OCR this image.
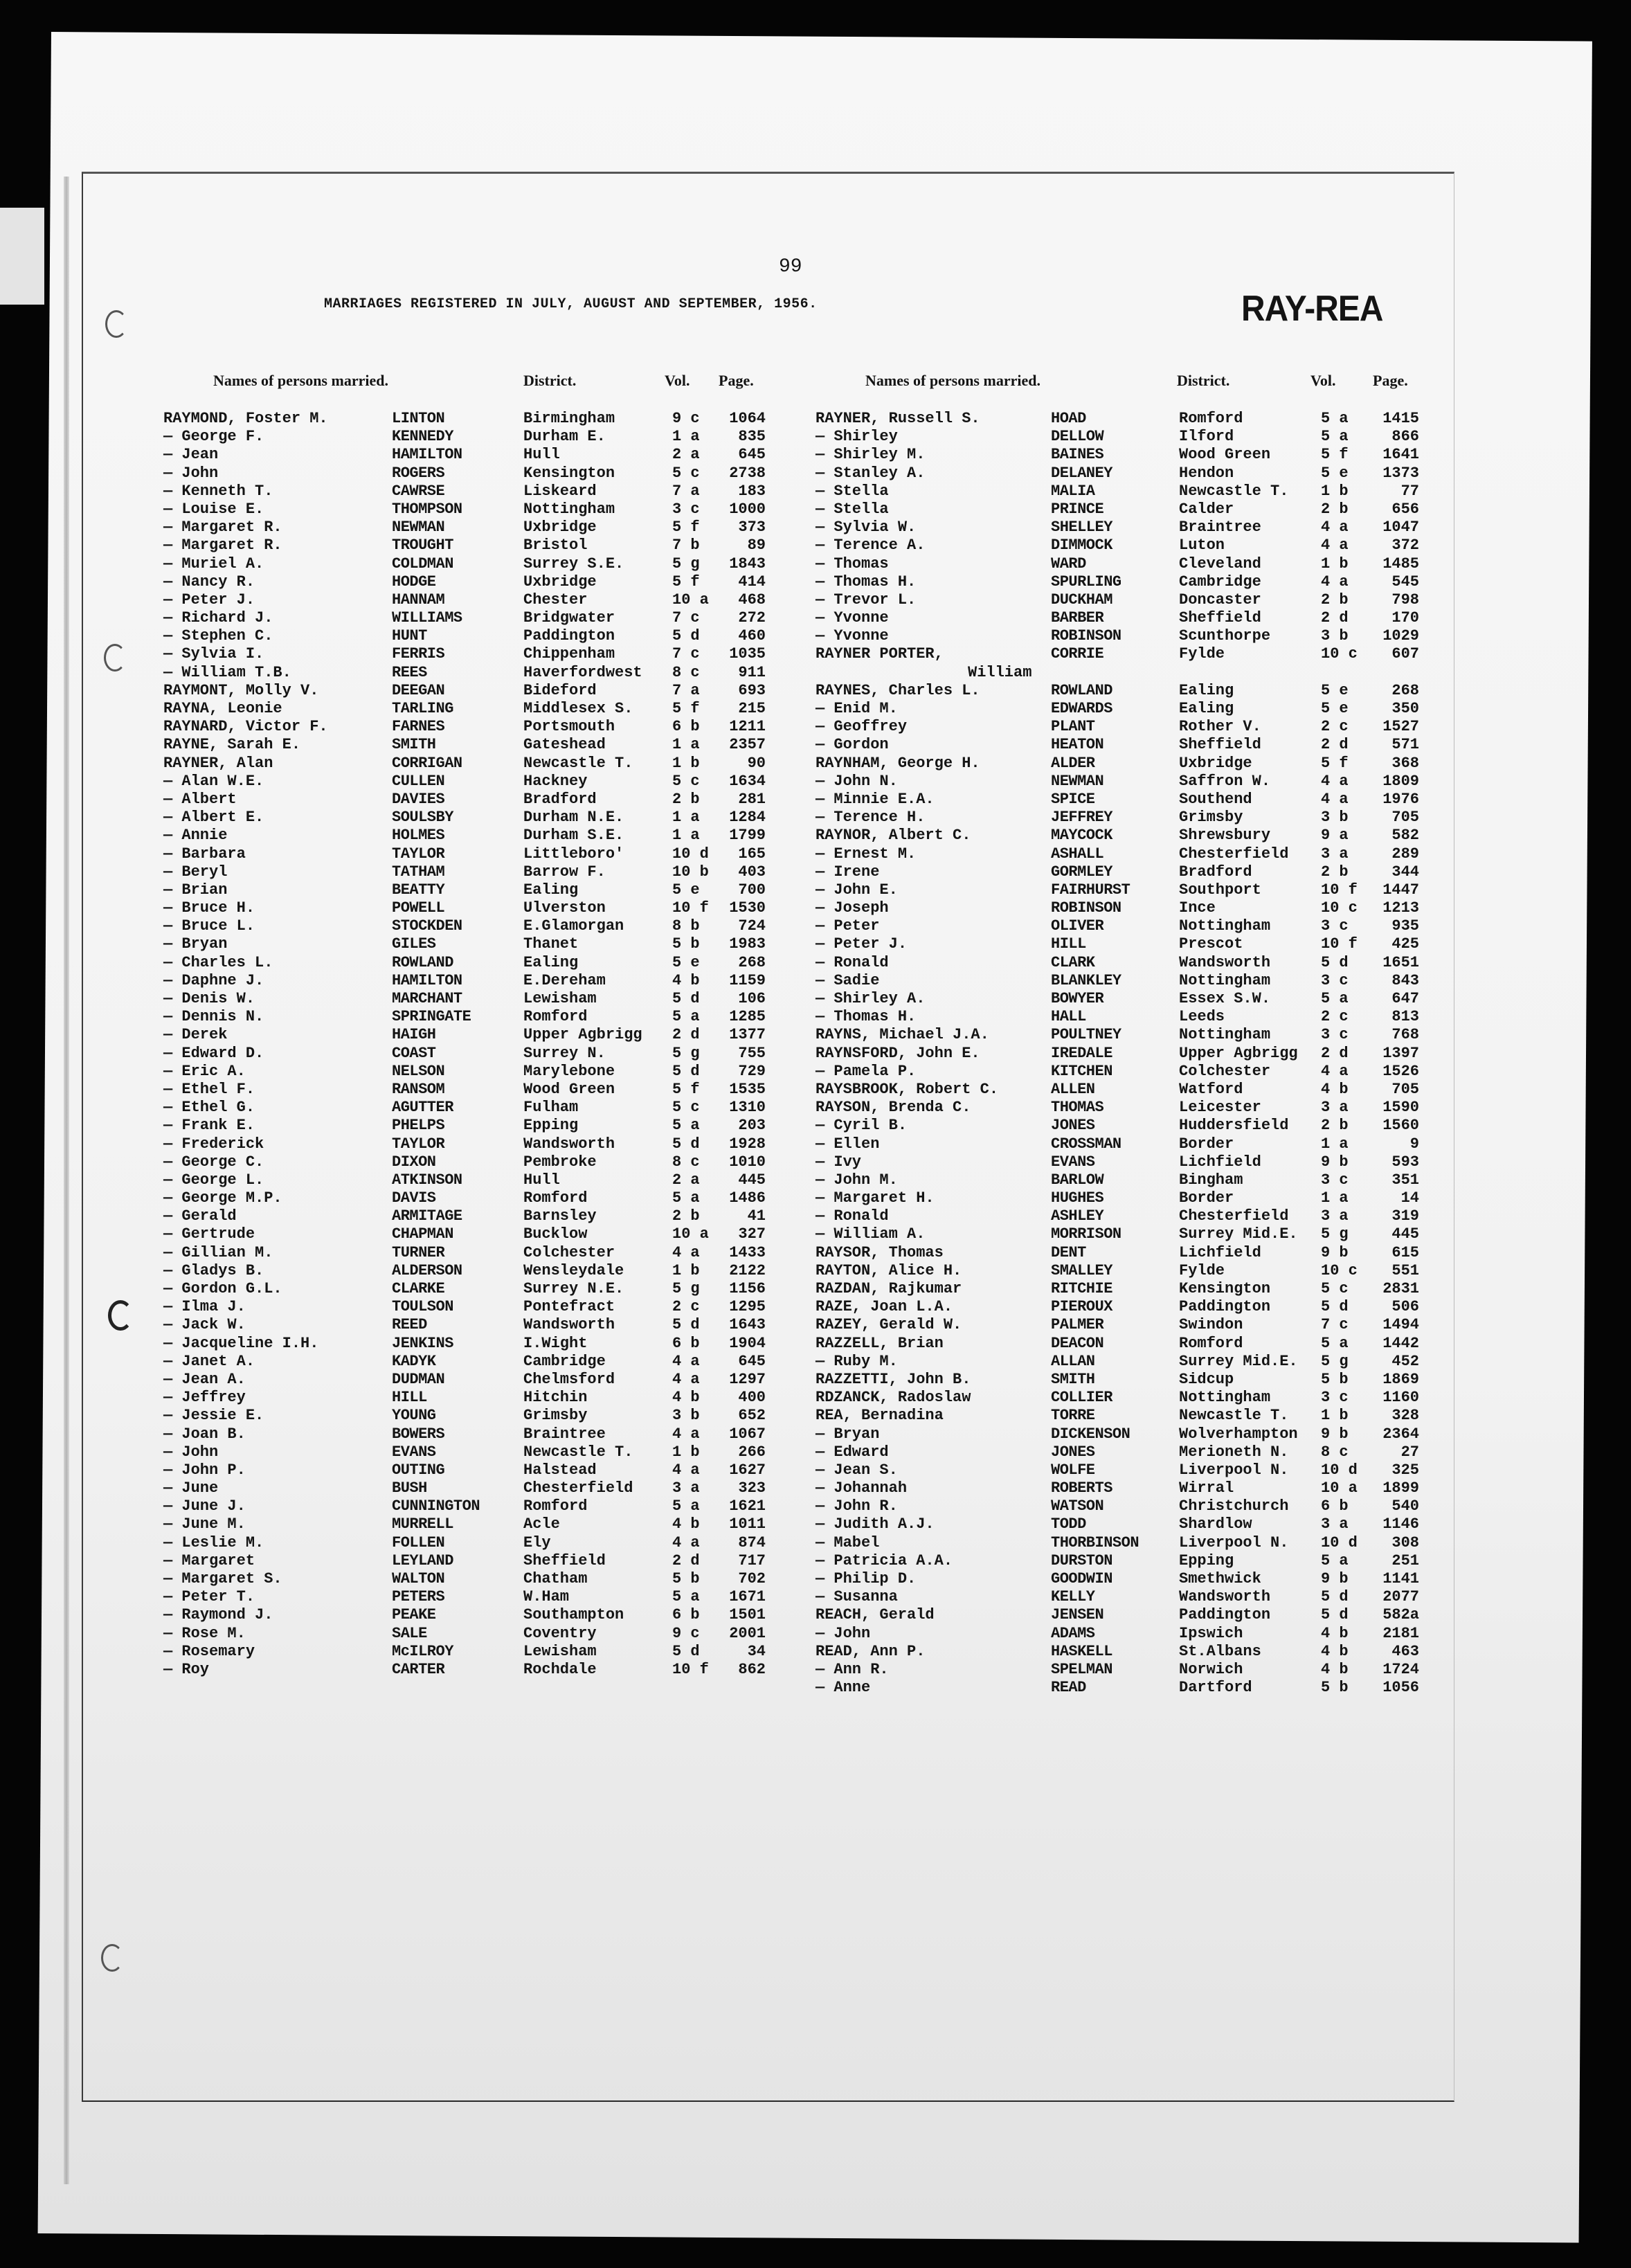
99
MARRIAGES REGISTERED IN JULY, AUGUST AND SEPTEMBER, 1956.	RAY-REA
Names of persons married.	District.	Vol. Page.	Names of persons married.	District.	Vol. Page.
RAYMOND, Foster M.	LINTON	Birmingham	9 c	1064
— George F.	KENNEDY	Durham E.	1 a	835
— Jean	HAMILTON	Hull	2 a	645
— John	ROGERS	Kensington	5 c	2738
— Kenneth T.	CAWRSE	Liskeard	7 a	183
— Louise E.	THOMPSON	Nottingham	3 c	1000
— Margaret R.	NEWMAN	Uxbridge	5 f	373
— Margaret R.	TROUGHT	Bristol	7 b	89
— Muriel A.	COLDMAN	Surrey S.E.	5 g	1843
— Nancy R.	HODGE	Uxbridge	5 f	414
— Peter J.	HANNAM	Chester	10 a	468
— Richard J.	WILLIAMS	Bridgwater	7 c	272
— Stephen C.	HUNT	Paddington	5 d	460
— Sylvia I.	FERRIS	Chippenham	7 c	1035
— William T.B.	REES	Haverfordwest 8 c	911
RAYMONT, Molly V.	DEEGAN	Bideford	7 a	693
RAYNA, Leonie	TARLING	Middlesex S.	5 f	215
RAYNARD, Victor F.	FARNES	Portsmouth	6 b	1211
RAYNE, Sarah E.	SMITH	Gateshead	1 a	2357
RAYNER, Alan	CORRIGAN	Newcastle T.	1 b	90
— Alan W.E.	CULLEN	Hackney	5 c	1634
— Albert	DAVIES	Bradford	2 b	281
— Albert E.	SOULSBY	Durham N.E.	1 a	1284
— Annie	HOLMES	Durham S.E.	1 a	1799
— Barbara	TAYLOR	Littleboro'	10 d	165
— Beryl	TATHAM	Barrow F.	10 b	403
— Brian	BEATTY	Ealing	5 e	700
— Bruce H.	POWELL	Ulverston	10 f	1530
— Bruce L.	STOCKDEN	E.Glamorgan	8 b	724
— Bryan	GILES	Thanet	5 b	1983
— Charles L.	ROWLAND	Ealing	5 e	268
— Daphne J.	HAMILTON	E.Dereham	4 b	1159
— Denis W.	MARCHANT	Lewisham	5 d	106
— Dennis N.	SPRINGATE	Romford	5 a	1285
— Derek	HAIGH	Upper Agbrigg 2 d	1377
— Edward D.	COAST	Surrey N.	5 g	755
— Eric A.	NELSON	Marylebone	5 d	729
— Ethel F.	RANSOM	Wood Green	5 f	1535
— Ethel G.	AGUTTER	Fulham	5 c	1310
— Frank E.	PHELPS	Epping	5 a	203
— Frederick	TAYLOR	Wandsworth	5 d	1928
— George C.	DIXON	Pembroke	8 c	1010
— George L.	ATKINSON	Hull	2 a	445
— George M.P.	DAVIS	Romford	5 a	1486
— Gerald	ARMITAGE	Barnsley	2 b	41
— Gertrude	CHAPMAN	Bucklow	10 a	327
— Gillian M.	TURNER	Colchester	4 a	1433
— Gladys B.	ALDERSON	Wensleydale	1 b	2122
— Gordon G.L.	CLARKE	Surrey N.E.	5 g	1156
— Ilma J.	TOULSON	Pontefract	2 c	1295
— Jack W.	REED	Wandsworth	5 d	1643
— Jacqueline I.H.	JENKINS	I.Wight	6 b	1904
— Janet A.	KADYK	Cambridge	4 a	645
— Jean A.	DUDMAN	Chelmsford	4 a	1297
— Jeffrey	HILL	Hitchin	4 b	400
— Jessie E.	YOUNG	Grimsby	3 b	652
— Joan B.	BOWERS	Braintree	4 a	1067
— John	EVANS	Newcastle T.	1 b	266
— John P.	OUTING	Halstead	4 a	1627
— June	BUSH	Chesterfield	3 a	323
— June J.	CUNNINGTON	Romford	5 a	1621
— June M.	MURRELL	Acle	4 b	1011
— Leslie M.	FOLLEN	Ely	4 a	874
— Margaret	LEYLAND	Sheffield	2 d	717
— Margaret S.	WALTON	Chatham	5 b	702
— Peter T.	PETERS	W.Ham	5 a	1671
— Raymond J.	PEAKE	Southampton	6 b	1501
— Rose M.	SALE	Coventry	9 c	2001
— Rosemary	McILROY	Lewisham	5 d	34
— Roy	CARTER	Rochdale	10 f	862
RAYNER, Russell S.	HOAD	Romford	5 a	1415
— Shirley	DELLOW	Ilford	5 a	866
— Shirley M.	BAINES	Wood Green	5 f	1641
— Stanley A.	DELANEY	Hendon	5 e	1373
— Stella	MALIA	Newcastle T. 1 b	77
— Stella	PRINCE	Calder	2 b	656
— Sylvia W.	SHELLEY	Braintree	4 a	1047
— Terence A.	DIMMOCK	Luton	4 a	372
— Thomas	WARD	Cleveland	1 b	1485
— Thomas H.	SPURLING	Cambridge	4 a	545
— Trevor L.	DUCKHAM	Doncaster	2 b	798
— Yvonne	BARBER	Sheffield	2 d	170
— Yvonne	ROBINSON	Scunthorpe	3 b	1029
RAYNER PORTER,	CORRIE	Fylde	10 c	607
William
RAYNES, Charles L.	ROWLAND	Ealing	5 e	268
— Enid M.	EDWARDS	Ealing	5 e	350
— Geoffrey	PLANT	Rother V.	2 c	1527
— Gordon	HEATON	Sheffield	2 d	571
RAYNHAM, George H.	ALDER	Uxbridge	5 f	368
— John N.	NEWMAN	Saffron W.	4 a	1809
— Minnie E.A.	SPICE	Southend	4 a	1976
— Terence H.	JEFFREY	Grimsby	3 b	705
RAYNOR, Albert C.	MAYCOCK	Shrewsbury	9 a	582
— Ernest M.	ASHALL	Chesterfield 3 a	289
— Irene	GORMLEY	Bradford	2 b	344
— John E.	FAIRHURST	Southport	10 f	1447
— Joseph	ROBINSON	Ince	10 c	1213
— Peter	OLIVER	Nottingham	3 c	935
— Peter J.	HILL	Prescot	10 f	425
— Ronald	CLARK	Wandsworth	5 d	1651
— Sadie	BLANKLEY	Nottingham	3 c	843
— Shirley A.	BOWYER	Essex S.W.	5 a	647
— Thomas H.	HALL	Leeds	2 c	813
RAYNS, Michael J.A.	POULTNEY	Nottingham	3 c	768
RAYNSFORD, John E.	IREDALE	Upper Agbrigg 2 d	1397
— Pamela P.	KITCHEN	Colchester	4 a	1526
RAYSBROOK, Robert C.	ALLEN	Watford	4 b	705
RAYSON, Brenda C.	THOMAS	Leicester	3 a	1590
— Cyril B.	JONES	Huddersfield 2 b	1560
— Ellen	CROSSMAN	Border	1 a	9
— Ivy	EVANS	Lichfield	9 b	593
— John M.	BARLOW	Bingham	3 c	351
— Margaret H.	HUGHES	Border	1 a	14
— Ronald	ASHLEY	Chesterfield 3 a	319
— William A.	MORRISON	Surrey Mid.E. 5 g	445
RAYSOR, Thomas	DENT	Lichfield	9 b	615
RAYTON, Alice H.	SMALLEY	Fylde	10 c	551
RAZDAN, Rajkumar	RITCHIE	Kensington	5 c	2831
RAZE, Joan L.A.	PIEROUX	Paddington	5 d	506
RAZEY, Gerald W.	PALMER	Swindon	7 c	1494
RAZZELL, Brian	DEACON	Romford	5 a	1442
— Ruby M.	ALLAN	Surrey Mid.E. 5 g	452
RAZZETTI, John B.	SMITH	Sidcup	5 b	1869
RDZANCK, Radoslaw	COLLIER	Nottingham	3 c	1160
REA, Bernadina	TORRE	Newcastle T. 1 b	328
— Bryan	DICKENSON	Wolverhampton 9 b	2364
— Edward	JONES	Merioneth N. 8 c	27
— Jean S.	WOLFE	Liverpool N. 10 d	325
— Johannah	ROBERTS	Wirral	10 a	1899
— John R.	WATSON	Christchurch 6 b	540
— Judith A.J.	TODD	Shardlow	3 a	1146
— Mabel	THORBINSON	Liverpool N. 10 d	308
— Patricia A.A.	DURSTON	Epping	5 a	251
— Philip D.	GOODWIN	Smethwick	9 b	1141
— Susanna	KELLY	Wandsworth	5 d	2077
REACH, Gerald	JENSEN	Paddington	5 d	582a
— John	ADAMS	Ipswich	4 b	2181
READ, Ann P.	HASKELL	St.Albans	4 b	463
— Ann R.	SPELMAN	Norwich	4 b	1724
— Anne	READ	Dartford	5 b	1056
